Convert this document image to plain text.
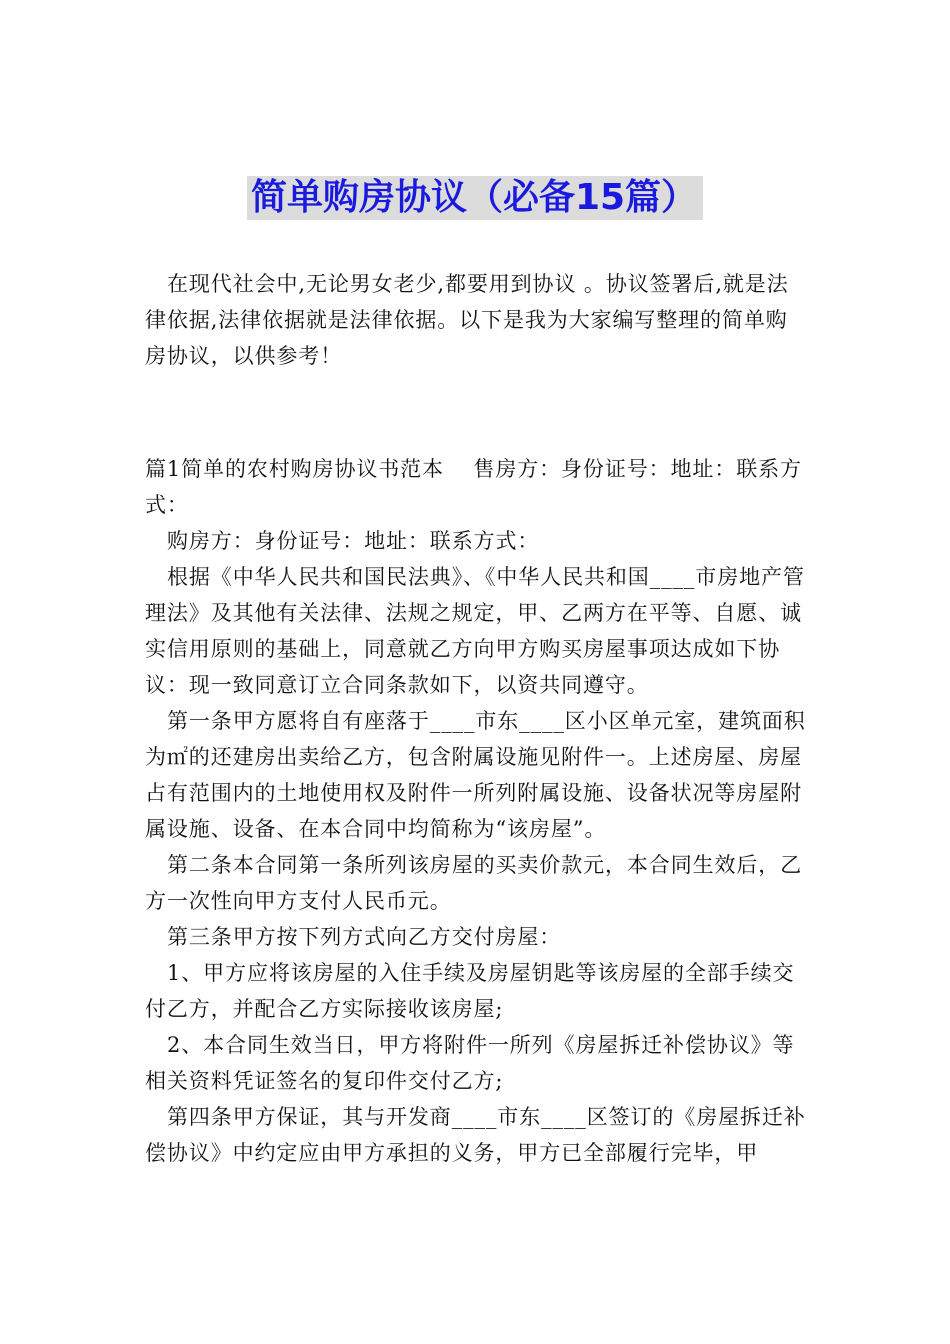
简单购房协议（必备15篇）

在现代社会中,无论男女老少,都要用到协议 。协议签署后,就是法律依据,法律依据就是法律依据。以下是我为大家编写整理的简单购房协议，以供参考！

篇1简单的农村购房协议书范本　 售房方：身份证号：地址：联系方式：

购房方：身份证号：地址：联系方式：

根据《中华人民共和国民法典》、《中华人民共和国____市房地产管理法》及其他有关法律、法规之规定，甲、乙两方在平等、自愿、诚实信用原则的基础上，同意就乙方向甲方购买房屋事项达成如下协议：现一致同意订立合同条款如下，以资共同遵守。

第一条甲方愿将自有座落于____市东____区小区单元室，建筑面积为㎡的还建房出卖给乙方，包含附属设施见附件一。上述房屋、房屋占有范围内的土地使用权及附件一所列附属设施、设备状况等房屋附属设施、设备、在本合同中均简称为“该房屋”。

第二条本合同第一条所列该房屋的买卖价款元，本合同生效后，乙方一次性向甲方支付人民币元。

第三条甲方按下列方式向乙方交付房屋：

1、甲方应将该房屋的入住手续及房屋钥匙等该房屋的全部手续交付乙方，并配合乙方实际接收该房屋;

2、本合同生效当日，甲方将附件一所列《房屋拆迁补偿协议》等相关资料凭证签名的复印件交付乙方;

第四条甲方保证，其与开发商____市东____区签订的《房屋拆迁补偿协议》中约定应由甲方承担的义务，甲方已全部履行完毕，甲
